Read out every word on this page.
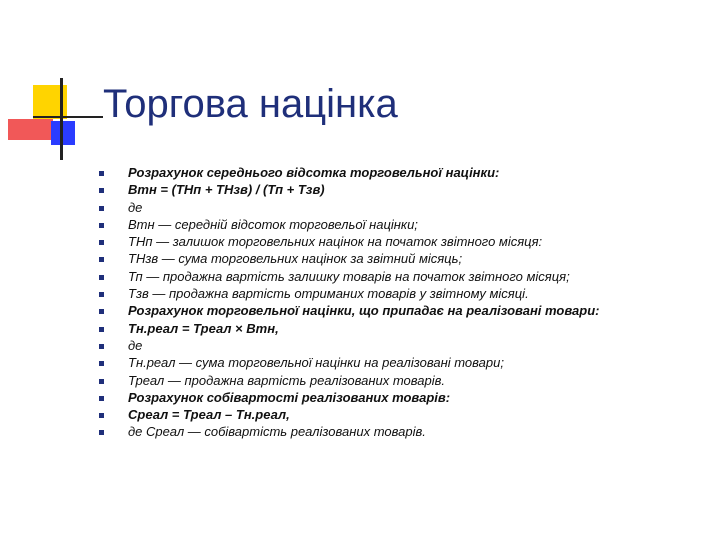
Торгова націнка
Розрахунок середнього відсотка торговельної націнки:
Втн = (ТНп + ТНзв) / (Тп + Тзв)
де
Втн — середній відсоток торговельої націнки;
ТНп — залишок торговельних націнок на початок звітного місяця:
ТНзв — сума торговельних націнок за звітний місяць;
Тп — продажна вартість залишку товарів на початок звітного місяця;
Тзв — продажна вартість отриманих товарів у звітному місяці.
Розрахунок торговельної націнки, що припадає на реалізовані товари:
Тн.реал = Треал × Втн,
де
Тн.реал — сума торговельної націнки на реалізовані товари;
Треал — продажна вартість реалізованих товарів.
Розрахунок собівартості реалізованих товарів:
Среал = Треал – Тн.реал,
де Среал — собівартість реалізованих товарів.
